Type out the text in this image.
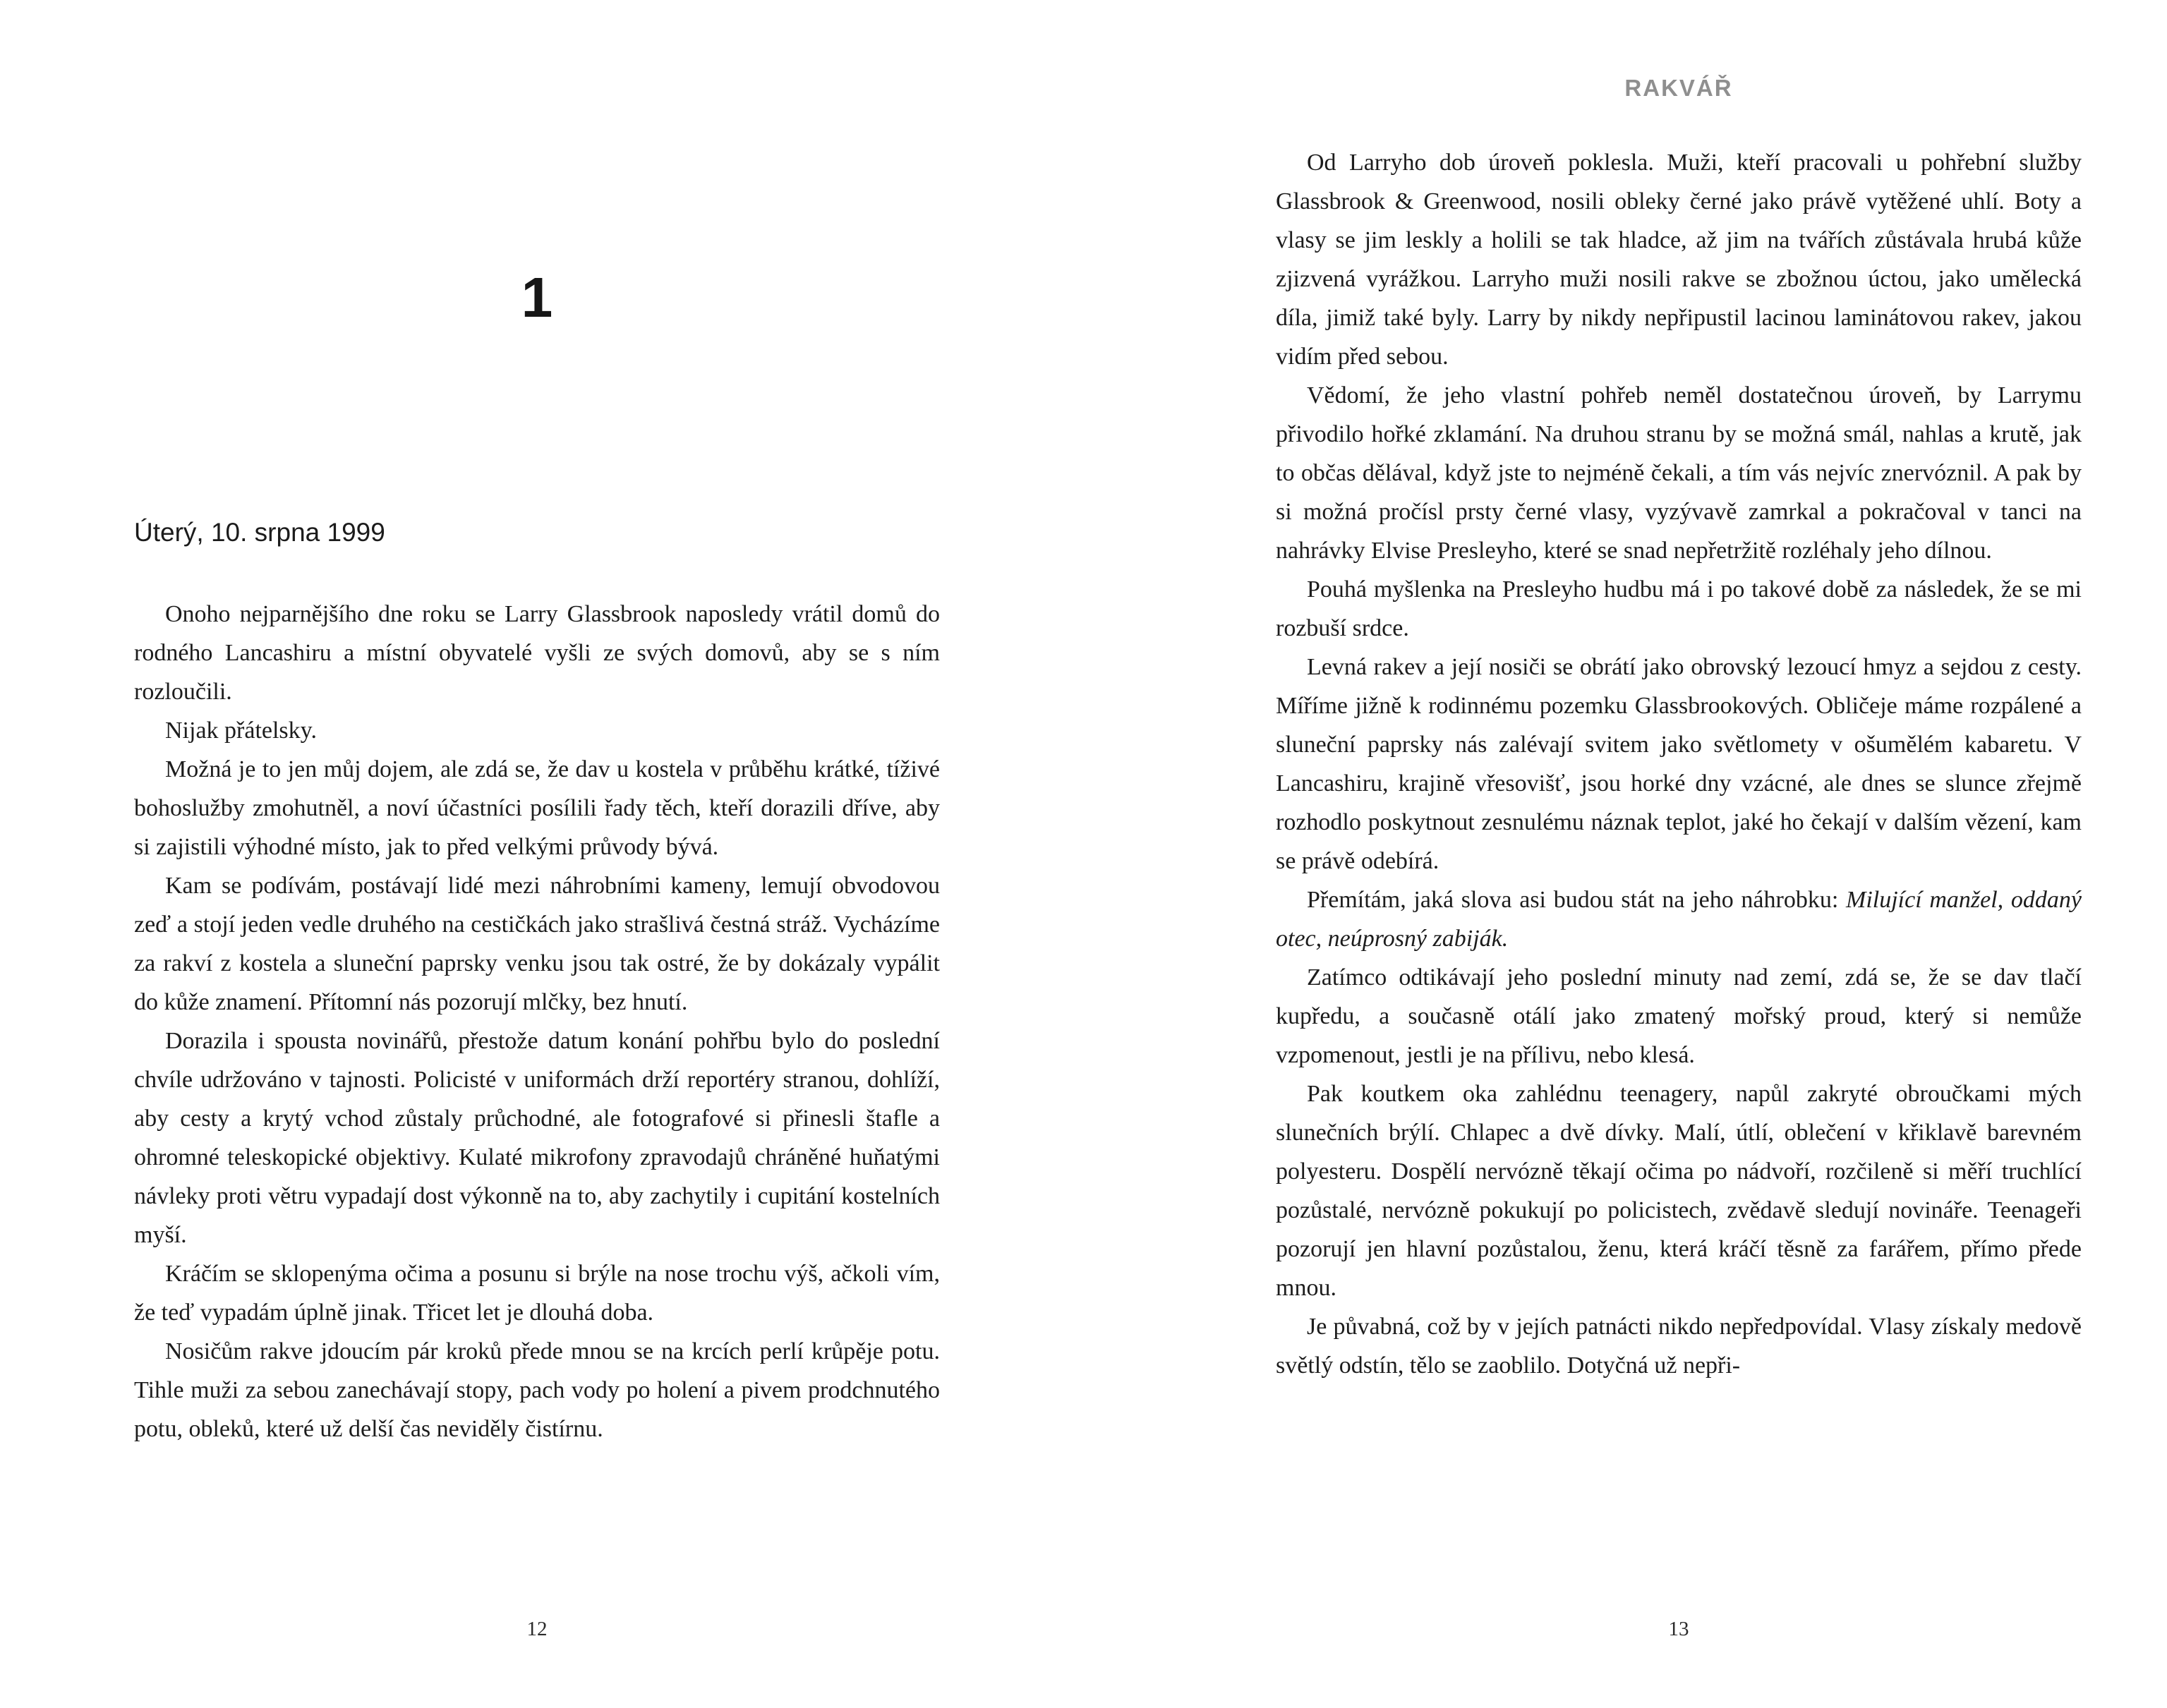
1
Úterý, 10. srpna 1999

Onoho nejparnějšího dne roku se Larry Glassbrook naposledy vrátil domů do rodného Lancashiru a místní obyvatelé vyšli ze svých domovů, aby se s ním rozloučili.

Nijak přátelsky.

Možná je to jen můj dojem, ale zdá se, že dav u kostela v průběhu krátké, tíživé bohoslužby zmohutněl, a noví účastníci posílili řady těch, kteří dorazili dříve, aby si zajistili výhodné místo, jak to před velkými průvody bývá.

Kam se podívám, postávají lidé mezi náhrobními kameny, lemují obvodovou zeď a stojí jeden vedle druhého na cestičkách jako strašlivá čestná stráž. Vycházíme za rakví z kostela a sluneční paprsky venku jsou tak ostré, že by dokázaly vypálit do kůže znamení. Přítomní nás pozorují mlčky, bez hnutí.

Dorazila i spousta novinářů, přestože datum konání pohřbu bylo do poslední chvíle udržováno v tajnosti. Policisté v uniformách drží reportéry stranou, dohlíží, aby cesty a krytý vchod zůstaly průchodné, ale fotografové si přinesli štafle a ohromné teleskopické objektivy. Kulaté mikrofony zpravodajů chráněné huňatými návleky proti větru vypadají dost výkonně na to, aby zachytily i cupitání kostelních myší.

Kráčím se sklopenýma očima a posunu si brýle na nose trochu výš, ačkoli vím, že teď vypadám úplně jinak. Třicet let je dlouhá doba.

Nosičům rakve jdoucím pár kroků přede mnou se na krcích perlí krůpěje potu. Tihle muži za sebou zanechávají stopy, pach vody po holení a pivem prodchnutého potu, obleků, které už delší čas neviděly čistírnu.

12
RAKVÁŘ

Od Larryho dob úroveň poklesla. Muži, kteří pracovali u pohřební služby Glassbrook & Greenwood, nosili obleky černé jako právě vytěžené uhlí. Boty a vlasy se jim leskly a holili se tak hladce, až jim na tvářích zůstávala hrubá kůže zjizvená vyrážkou. Larryho muži nosili rakve se zbožnou úctou, jako umělecká díla, jimiž také byly. Larry by nikdy nepřipustil lacinou laminátovou rakev, jakou vidím před sebou.

Vědomí, že jeho vlastní pohřeb neměl dostatečnou úroveň, by Larrymu přivodilo hořké zklamání. Na druhou stranu by se možná smál, nahlas a krutě, jak to občas dělával, když jste to nejméně čekali, a tím vás nejvíc znervóznil. A pak by si možná pročísl prsty černé vlasy, vyzývavě zamrkal a pokračoval v tanci na nahrávky Elvise Presleyho, které se snad nepřetržitě rozléhaly jeho dílnou.

Pouhá myšlenka na Presleyho hudbu má i po takové době za následek, že se mi rozbuší srdce.

Levná rakev a její nosiči se obrátí jako obrovský lezoucí hmyz a sejdou z cesty. Míříme jižně k rodinnému pozemku Glassbrookových. Obličeje máme rozpálené a sluneční paprsky nás zalévají svitem jako světlomety v ošumělém kabaretu. V Lancashiru, krajině vřesovišť, jsou horké dny vzácné, ale dnes se slunce zřejmě rozhodlo poskytnout zesnulému náznak teplot, jaké ho čekají v dalším vězení, kam se právě odebírá.

Přemítám, jaká slova asi budou stát na jeho náhrobku: Milující manžel, oddaný otec, neúprosný zabiják.

Zatímco odtikávají jeho poslední minuty nad zemí, zdá se, že se dav tlačí kupředu, a současně otálí jako zmatený mořský proud, který si nemůže vzpomenout, jestli je na přílivu, nebo klesá.

Pak koutkem oka zahlédnu teenagery, napůl zakryté obroučkami mých slunečních brýlí. Chlapec a dvě dívky. Malí, útlí, oblečení v křiklavě barevném polyesteru. Dospělí nervózně těkají očima po nádvoří, rozčileně si měří truchlící pozůstalé, nervózně pokukují po policistech, zvědavě sledují novináře. Teenageři pozorují jen hlavní pozůstalou, ženu, která kráčí těsně za farářem, přímo přede mnou.

Je půvabná, což by v jejích patnácti nikdo nepředpovídal. Vlasy získaly medově světlý odstín, tělo se zaoblilo. Dotyčná už nepři-

13
